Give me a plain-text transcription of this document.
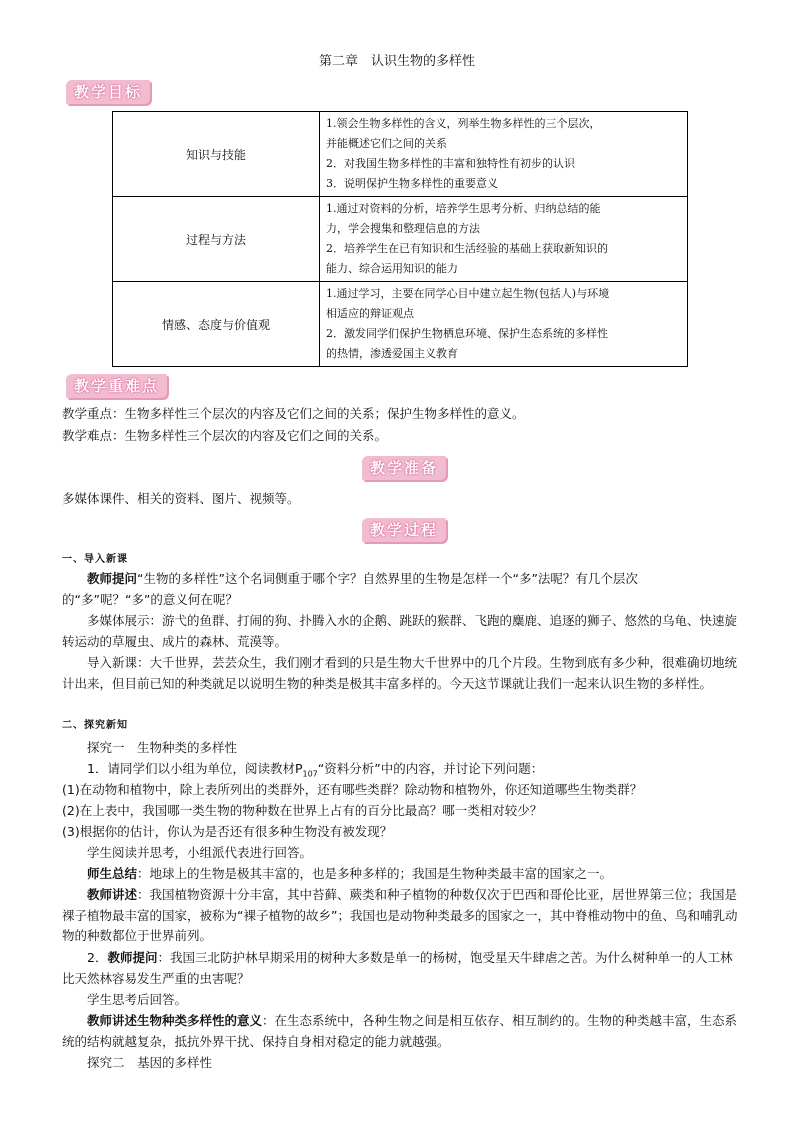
第二章　认识生物的多样性
教学目标
知识与技能	1.领会生物多样性的含义，列举生物多样性的三个层次，
并能概述它们之间的关系
2．对我国生物多样性的丰富和独特性有初步的认识
3．说明保护生物多样性的重要意义

过程与方法	1.通过对资料的分析，培养学生思考分析、归纳总结的能
力，学会搜集和整理信息的方法
2．培养学生在已有知识和生活经验的基础上获取新知识的
能力、综合运用知识的能力

情感、态度与价值观	1.通过学习，主要在同学心目中建立起生物(包括人)与环境
相适应的辩证观点
2．激发同学们保护生物栖息环境、保护生态系统的多样性
的热情，渗透爱国主义教育
教学重难点

教学重点：生物多样性三个层次的内容及它们之间的关系；保护生物多样性的意义。

教学难点：生物多样性三个层次的内容及它们之间的关系。

教学准备

多媒体课件、相关的资料、图片、视频等。

教学过程

一、导入新课

教师提问“生物的多样性”这个名词侧重于哪个字？自然界里的生物是怎样一个“多”法呢？有几个层次的“多”呢？“多”的意义何在呢？

多媒体展示：游弋的鱼群、打闹的狗、扑腾入水的企鹅、跳跃的猴群、飞跑的麋鹿、追逐的狮子、悠然的乌龟、快速旋转运动的草履虫、成片的森林、荒漠等。

导入新课：大千世界，芸芸众生，我们刚才看到的只是生物大千世界中的几个片段。生物到底有多少种，很难确切地统计出来，但目前已知的种类就足以说明生物的种类是极其丰富多样的。今天这节课就让我们一起来认识生物的多样性。

二、探究新知

探究一　生物种类的多样性

1．请同学们以小组为单位，阅读教材$P_{107}“$资料分析”中的内容，并讨论下列问题：

(1)在动物和植物中，除上表所列出的类群外，还有哪些类群？除动物和植物外，你还知道哪些生物类群？

(2)在上表中，我国哪一类生物的物种数在世界上占有的百分比最高？哪一类相对较少？

(3)根据你的估计，你认为是否还有很多种生物没有被发现？

学生阅读并思考，小组派代表进行回答。

师生总结：地球上的生物是极其丰富的，也是多种多样的；我国是生物种类最丰富的国家之一。

教师讲述：我国植物资源十分丰富，其中苔藓、蕨类和种子植物的种数仅次于巴西和哥伦比亚，居世界第三位；我国是裸子植物最丰富的国家，被称为“裸子植物的故乡”；我国也是动物种类最多的国家之一，其中脊椎动物中的鱼、鸟和哺乳动物的种数都位于世界前列。

2．教师提问：我国三北防护林早期采用的树种大多数是单一的杨树，饱受星天牛肆虐之苦。为什么树种单一的人工林比天然林容易发生严重的虫害呢？

学生思考后回答。

教师讲述生物种类多样性的意义：在生态系统中，各种生物之间是相互依存、相互制约的。生物的种类越丰富，生态系统的结构就越复杂，抵抗外界干扰、保持自身相对稳定的能力就越强。

探究二　基因的多样性
